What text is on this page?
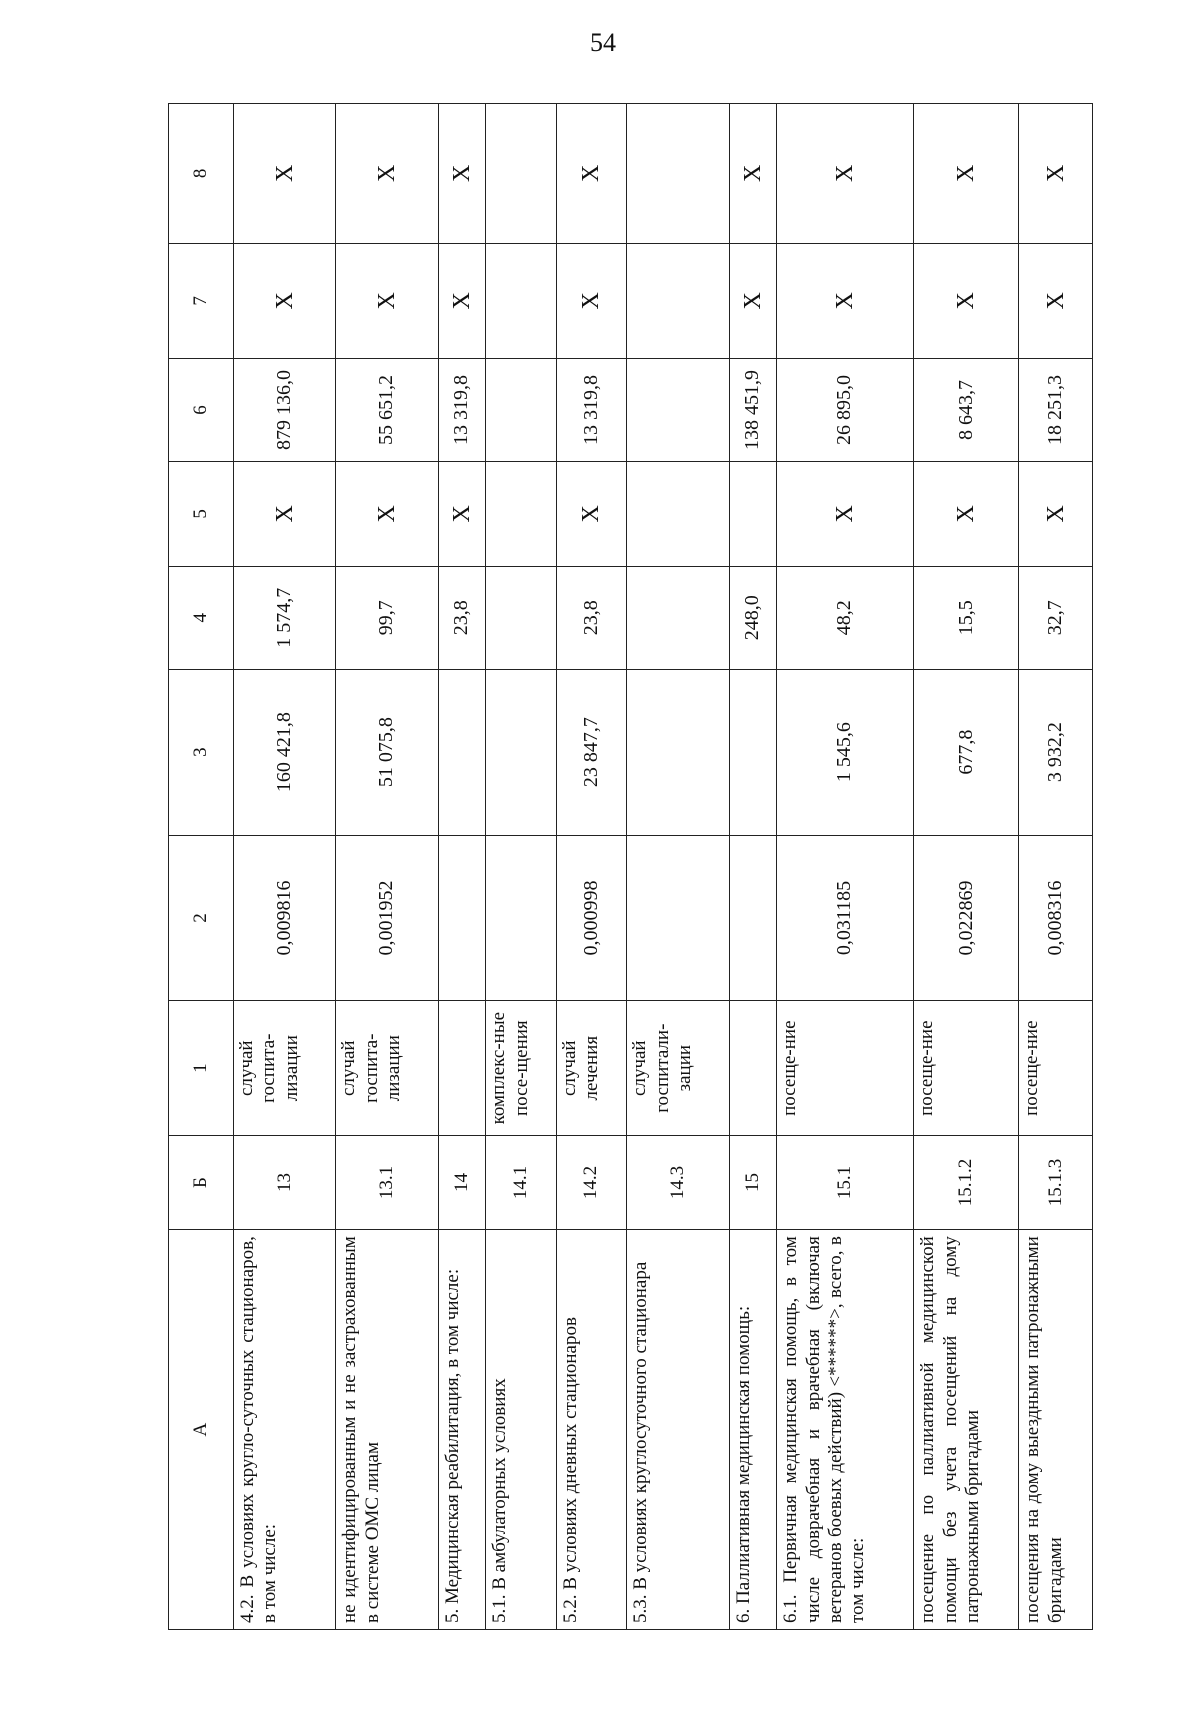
54
А	Б	1	2	3	4	5	6	7	8
4.2. В условиях кругло-суточных стационаров, в том числе:	13	случай госпита-лизации	0,009816	160 421,8	1 574,7	X	879 136,0	X	X
не идентифицированным и не застрахованным в системе ОМС лицам	13.1	случай госпита-лизации	0,001952	51 075,8	99,7	X	55 651,2	X	X
5. Медицинская реабилитация, в том числе:	14				23,8	X	13 319,8	X	X
5.1. В амбулаторных условиях	14.1	комплекс-ные посе-щения							
5.2. В условиях дневных стационаров	14.2	случай лечения	0,000998	23 847,7	23,8	X	13 319,8	X	X
5.3. В условиях круглосуточного стационара	14.3	случай госпитали-зации							
6. Паллиативная медицинская помощь:	15				248,0		138 451,9	X	X
6.1. Первичная медицинская помощь, в том числе доврачебная и врачебная (включая ветеранов боевых действий) <******>, всего, в том числе:	15.1	посеще-ние	0,031185	1 545,6	48,2	X	26 895,0	X	X
посещение по паллиативной медицинской помощи без учета посещений на дому патронажными бригадами	15.1.2	посеще-ние	0,022869	677,8	15,5	X	8 643,7	X	X
посещения на дому выездными патронажными бригадами	15.1.3	посеще-ние	0,008316	3 932,2	32,7	X	18 251,3	X	X
